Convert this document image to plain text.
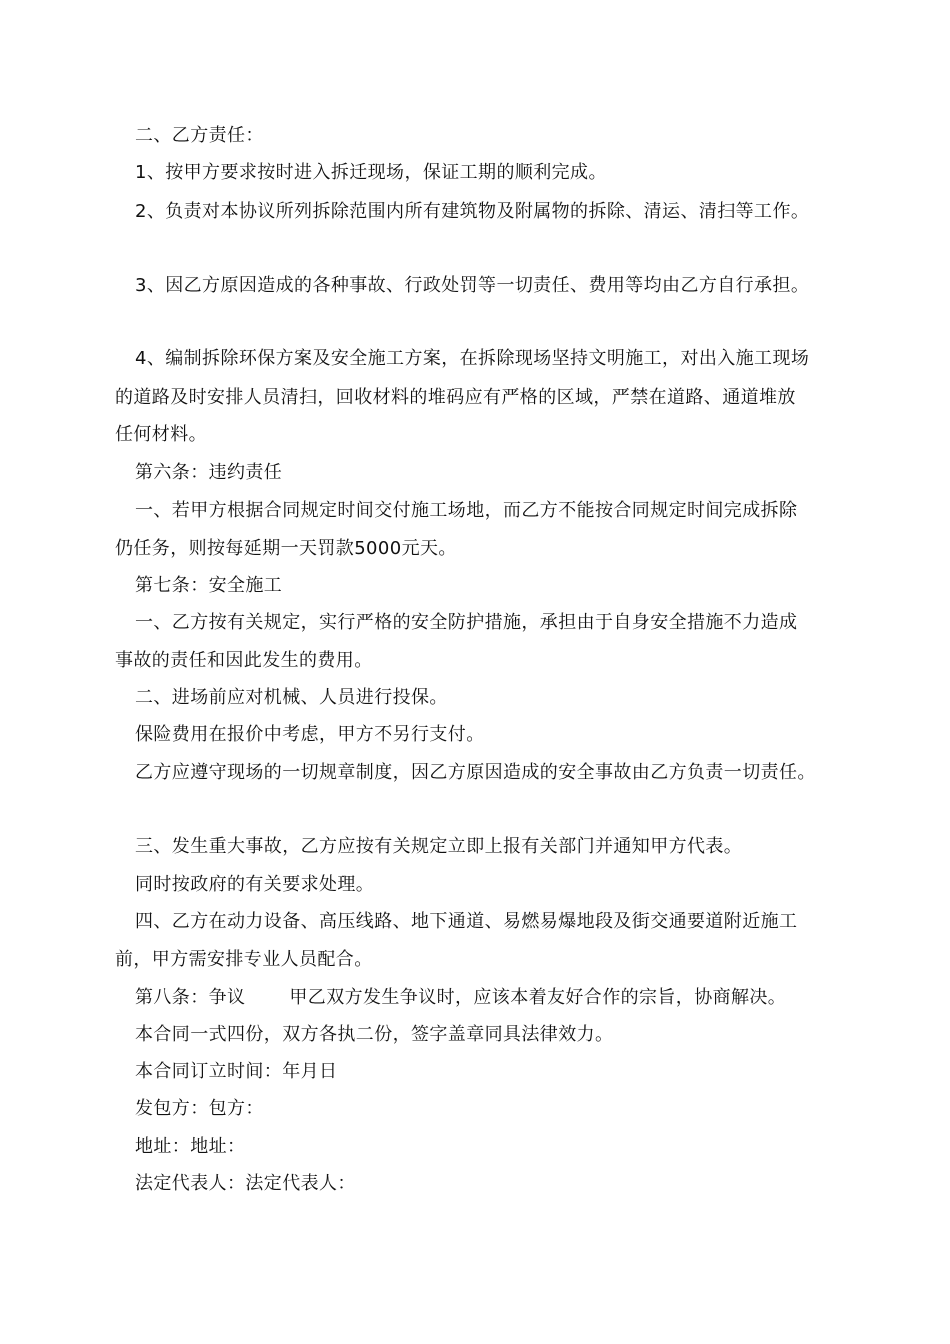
二、乙方责任：
1、按甲方要求按时进入拆迁现场，保证工期的顺利完成。
2、负责对本协议所列拆除范围内所有建筑物及附属物的拆除、清运、清扫等工作。
3、因乙方原因造成的各种事故、行政处罚等一切责任、费用等均由乙方自行承担。
4、编制拆除环保方案及安全施工方案，在拆除现场坚持文明施工，对出入施工现场
的道路及时安排人员清扫，回收材料的堆码应有严格的区域，严禁在道路、通道堆放
任何材料。
第六条：违约责任
一、若甲方根据合同规定时间交付施工场地，而乙方不能按合同规定时间完成拆除
仍任务，则按每延期一天罚款5000元天。
第七条：安全施工
一、乙方按有关规定，实行严格的安全防护措施，承担由于自身安全措施不力造成
事故的责任和因此发生的费用。
二、进场前应对机械、人员进行投保。
保险费用在报价中考虑，甲方不另行支付。
乙方应遵守现场的一切规章制度，因乙方原因造成的安全事故由乙方负责一切责任。
三、发生重大事故，乙方应按有关规定立即上报有关部门并通知甲方代表。
同时按政府的有关要求处理。
四、乙方在动力设备、高压线路、地下通道、易燃易爆地段及街交通要道附近施工
前，甲方需安排专业人员配合。
第八条：争议 甲乙双方发生争议时，应该本着友好合作的宗旨，协商解决。
本合同一式四份，双方各执二份，签字盖章同具法律效力。
本合同订立时间：年月日
发包方：包方：
地址：地址：
法定代表人：法定代表人：
